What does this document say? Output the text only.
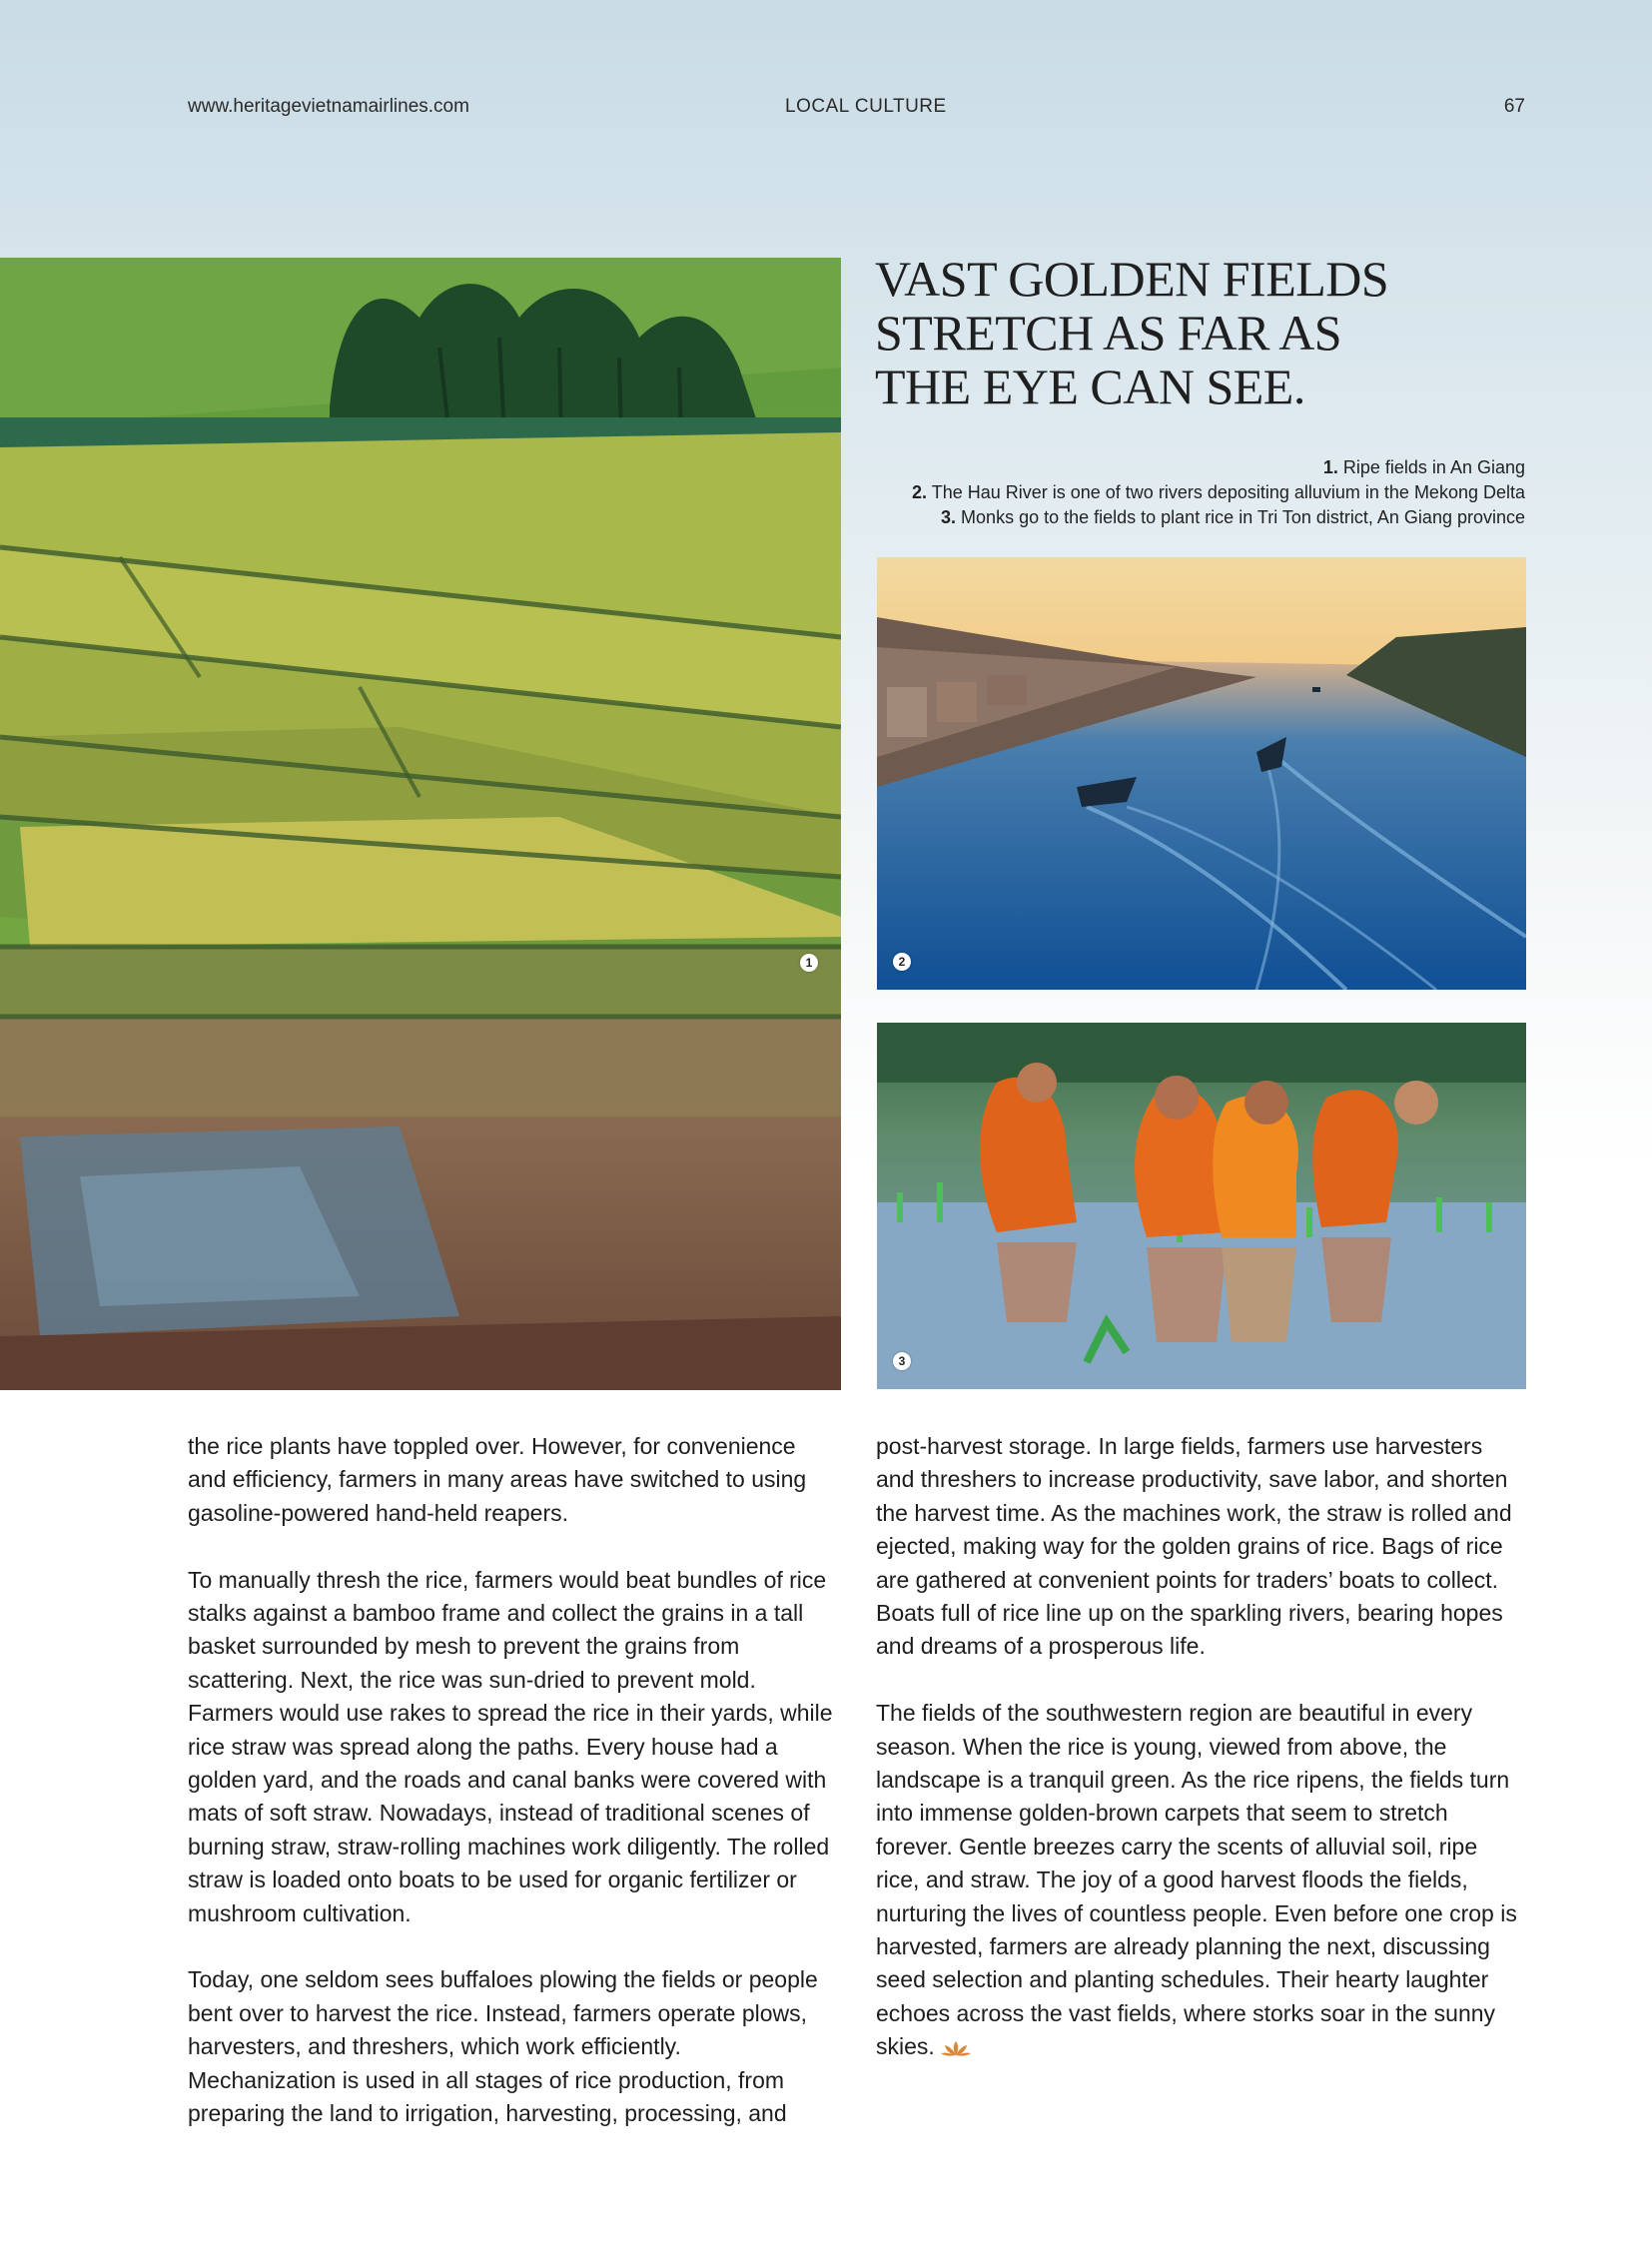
www.heritagevietnamairlines.com	LOCAL CULTURE	67
1	2
3
VAST GOLDEN FIELDS
STRETCH AS FAR AS
THE EYE CAN SEE.
1. Ripe fields in An Giang
2. The Hau River is one of two rivers depositing alluvium in the Mekong Delta
3. Monks go to the fields to plant rice in Tri Ton district, An Giang province

the rice plants have toppled over. However, for convenience and efficiency, farmers in many areas have switched to using gasoline-powered hand-held reapers.

To manually thresh the rice, farmers would beat bundles of rice stalks against a bamboo frame and collect the grains in a tall basket surrounded by mesh to prevent the grains from scattering. Next, the rice was sun-dried to prevent mold. Farmers would use rakes to spread the rice in their yards, while rice straw was spread along the paths. Every house had a golden yard, and the roads and canal banks were covered with mats of soft straw. Nowadays, instead of traditional scenes of burning straw, straw-rolling machines work diligently. The rolled straw is loaded onto boats to be used for organic fertilizer or mushroom cultivation.

Today, one seldom sees buffaloes plowing the fields or people bent over to harvest the rice. Instead, farmers operate plows, harvesters, and threshers, which work efficiently. Mechanization is used in all stages of rice production, from preparing the land to irrigation, harvesting, processing, and

post-harvest storage. In large fields, farmers use harvesters and threshers to increase productivity, save labor, and shorten the harvest time. As the machines work, the straw is rolled and ejected, making way for the golden grains of rice. Bags of rice are gathered at convenient points for traders’ boats to collect. Boats full of rice line up on the sparkling rivers, bearing hopes and dreams of a prosperous life.

The fields of the southwestern region are beautiful in every season. When the rice is young, viewed from above, the landscape is a tranquil green. As the rice ripens, the fields turn into immense golden-brown carpets that seem to stretch forever. Gentle breezes carry the scents of alluvial soil, ripe rice, and straw. The joy of a good harvest floods the fields, nurturing the lives of countless people. Even before one crop is harvested, farmers are already planning the next, discussing seed selection and planting schedules. Their hearty laughter echoes across the vast fields, where storks soar in the sunny skies.
